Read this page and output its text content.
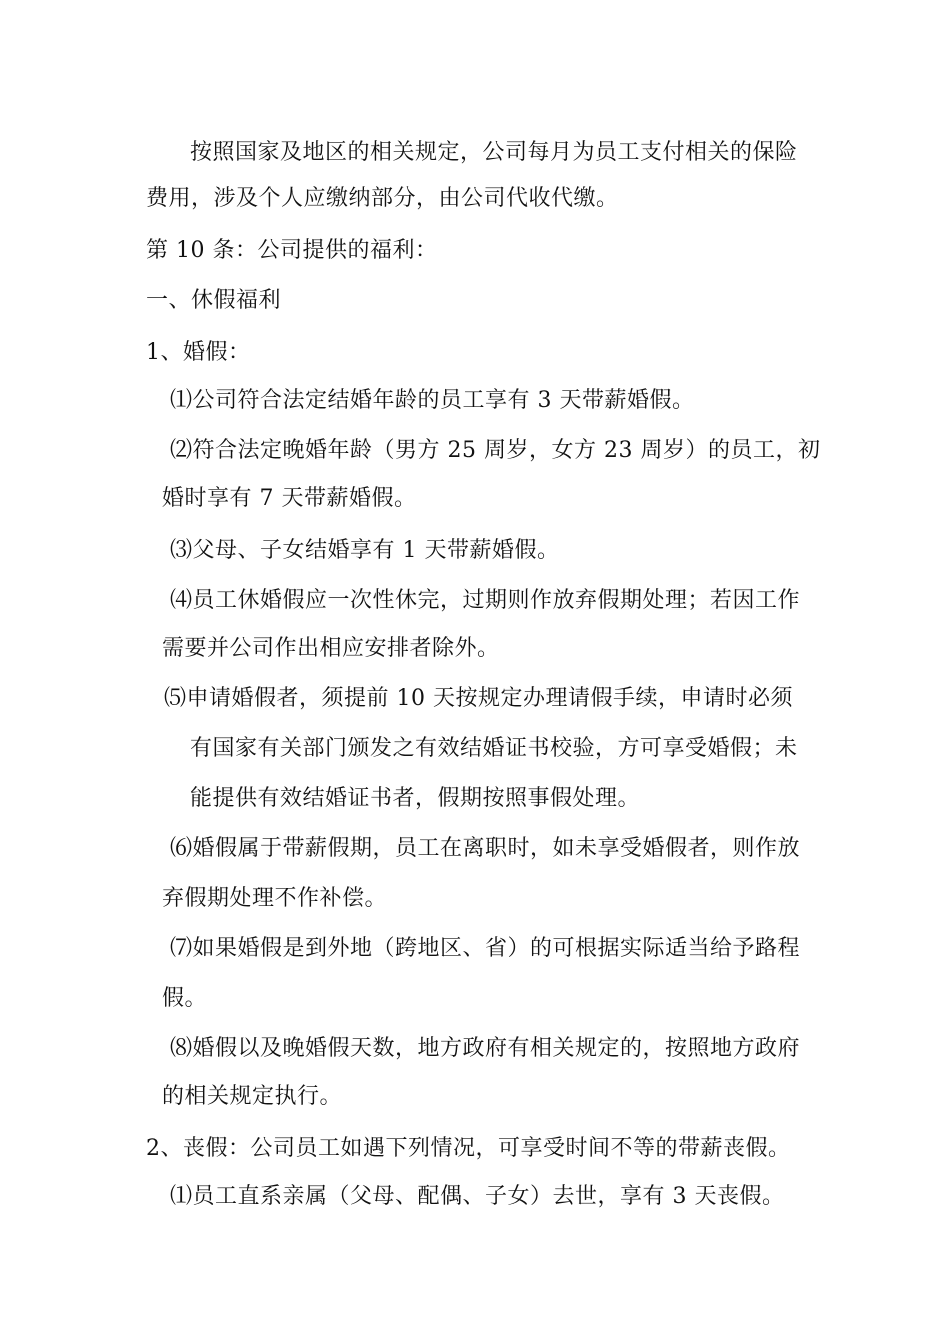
按照国家及地区的相关规定，公司每月为员工支付相关的保险
费用，涉及个人应缴纳部分，由公司代收代缴。
第 10 条：公司提供的福利：
一、休假福利
1、婚假：
⑴公司符合法定结婚年龄的员工享有 3 天带薪婚假。
⑵符合法定晚婚年龄（男方 25 周岁，女方 23 周岁）的员工，初
婚时享有 7 天带薪婚假。
⑶父母、子女结婚享有 1 天带薪婚假。
⑷员工休婚假应一次性休完，过期则作放弃假期处理；若因工作
需要并公司作出相应安排者除外。
⑸申请婚假者，须提前 10 天按规定办理请假手续，申请时必须
有国家有关部门颁发之有效结婚证书校验，方可享受婚假；未
能提供有效结婚证书者，假期按照事假处理。
⑹婚假属于带薪假期，员工在离职时，如未享受婚假者，则作放
弃假期处理不作补偿。
⑺如果婚假是到外地（跨地区、省）的可根据实际适当给予路程
假。
⑻婚假以及晚婚假天数，地方政府有相关规定的，按照地方政府
的相关规定执行。
2、丧假：公司员工如遇下列情况，可享受时间不等的带薪丧假。
⑴员工直系亲属（父母、配偶、子女）去世，享有 3 天丧假。
